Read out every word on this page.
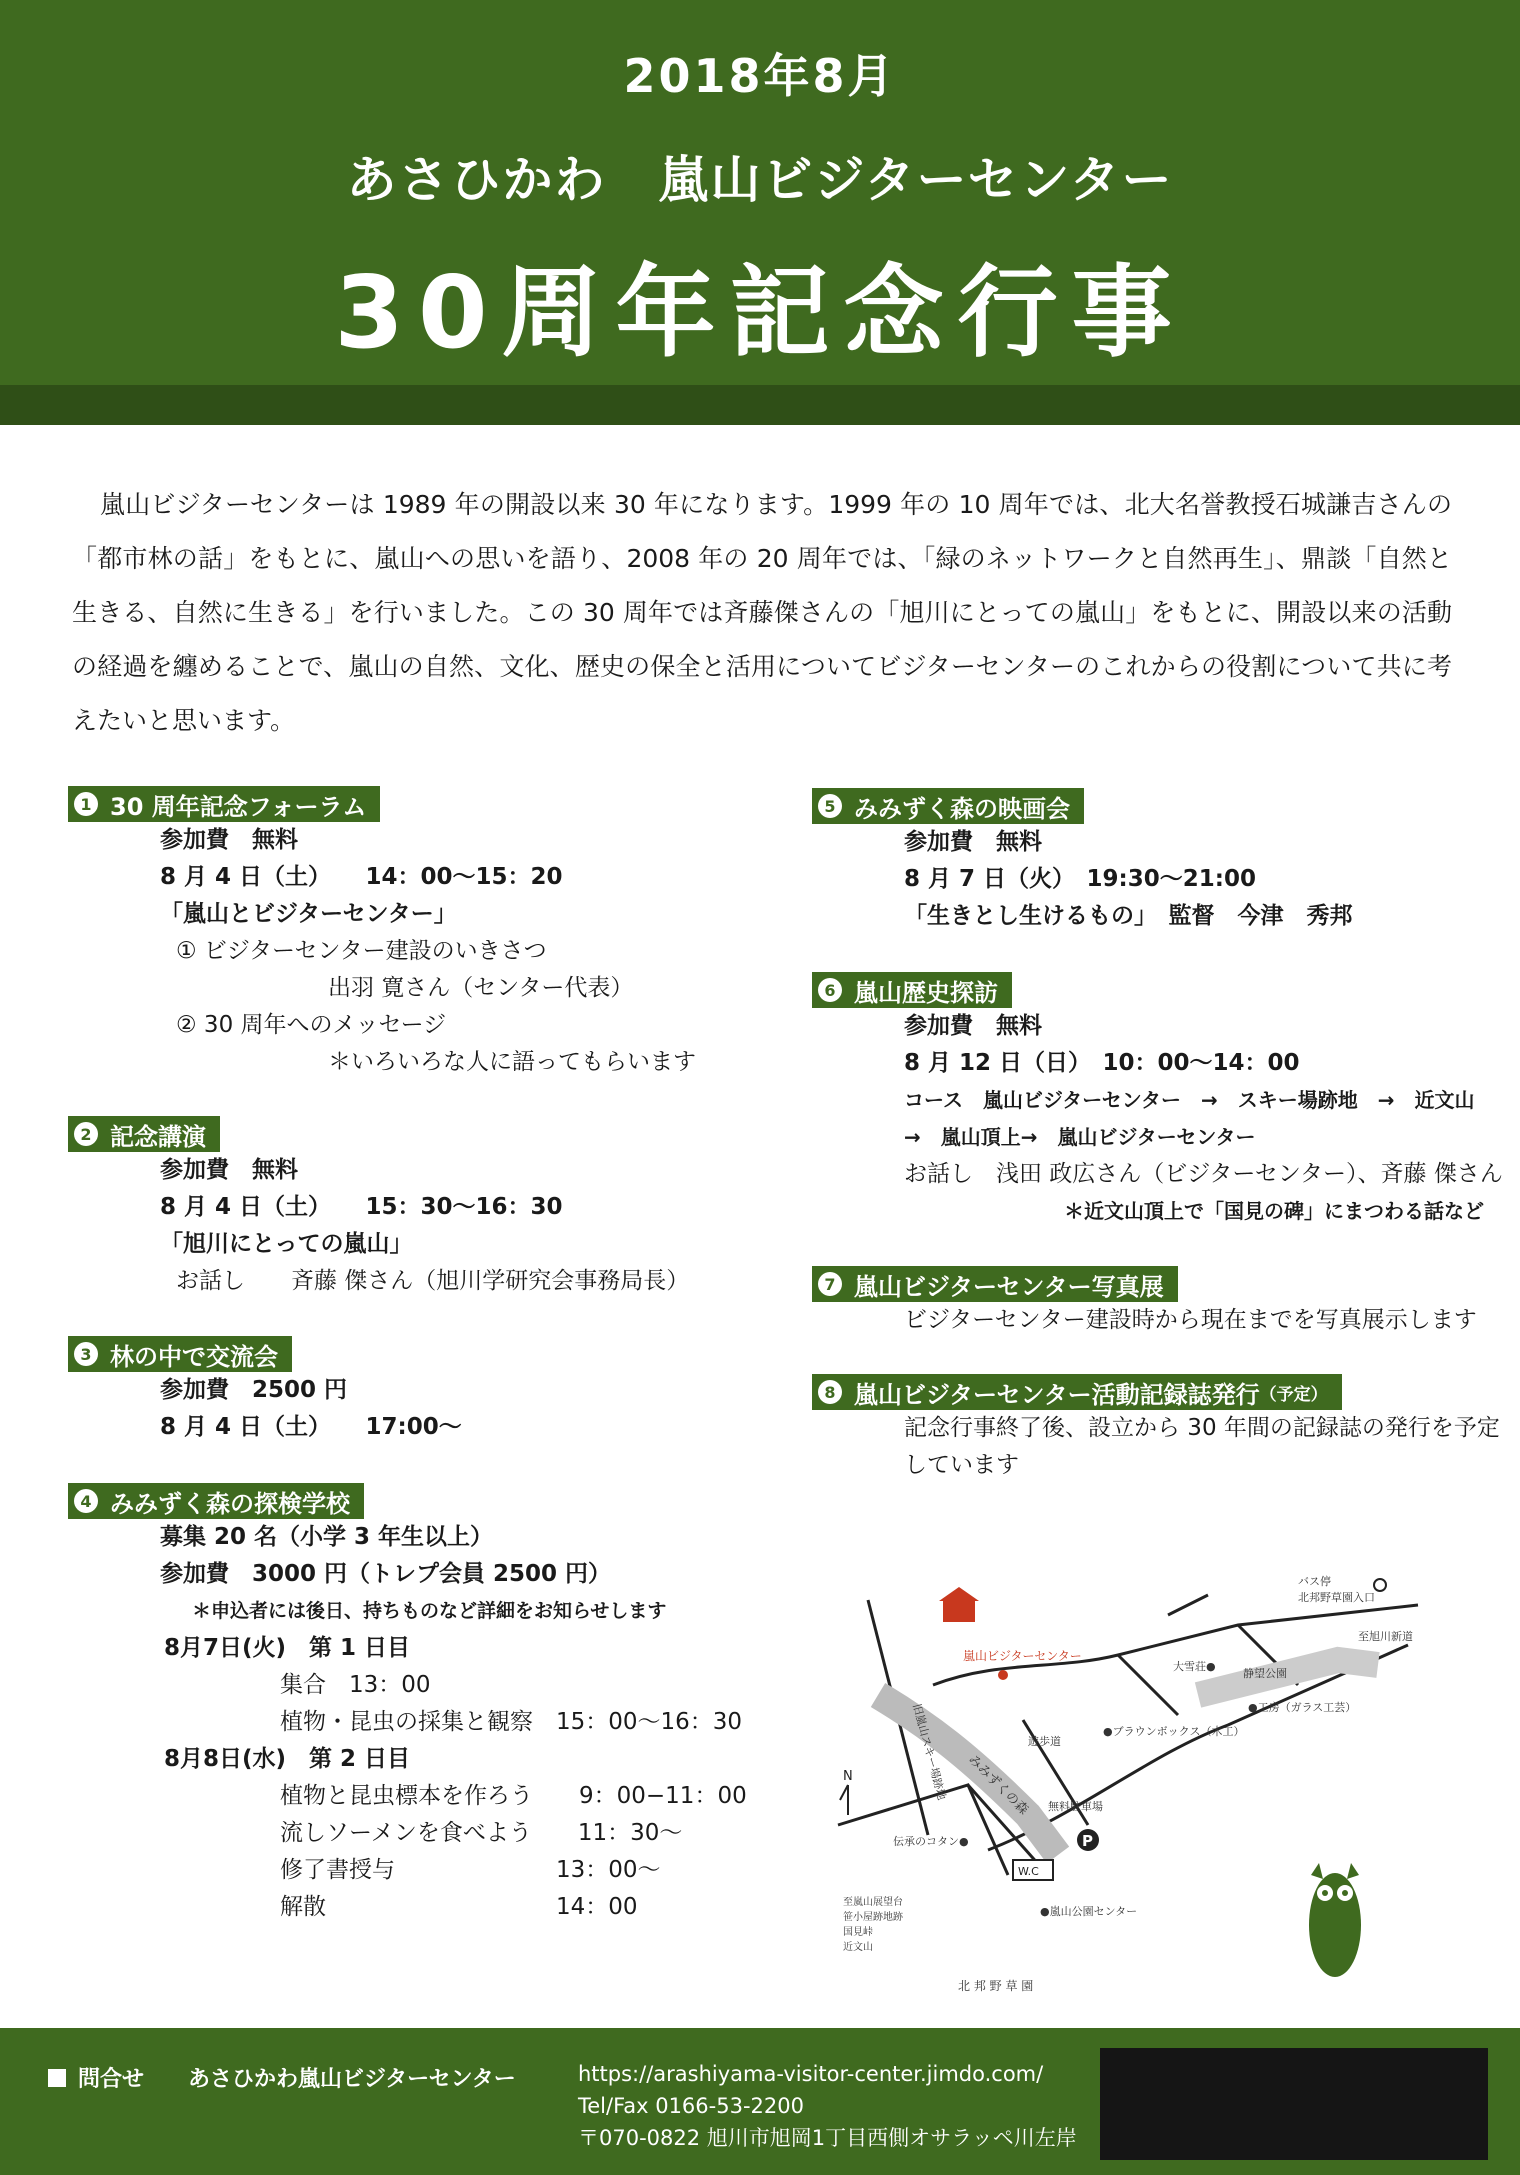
2018年8月
あさひかわ　嵐山ビジターセンター
30周年記念行事

嵐山ビジターセンターは 1989 年の開設以来 30 年になります。1999 年の 10 周年では、北大名誉教授石城謙吉さんの「都市林の話」をもとに、嵐山への思いを語り、2008 年の 20 周年では、「緑のネットワークと自然再生」、鼎談「自然と生きる、自然に生きる」を行いました。この 30 周年では斉藤傑さんの「旭川にとっての嵐山」をもとに、開設以来の活動の経過を纏めることで、嵐山の自然、文化、歴史の保全と活用についてビジターセンターのこれからの役割について共に考えたいと思います。

1 30 周年記念フォーラム
参加費　無料
8 月 4 日（土）　　14：00〜15：20
「嵐山とビジターセンター」
① ビジターセンター建設のいきさつ
出羽 寛さん（センター代表）
② 30 周年へのメッセージ
＊いろいろな人に語ってもらいます
2 記念講演
参加費　無料
8 月 4 日（土）　　15：30〜16：30
「旭川にとっての嵐山」
お話し　　斉藤 傑さん（旭川学研究会事務局長）
3 林の中で交流会
参加費　2500 円
8 月 4 日（土）　　17:00〜
4 みみずく森の探検学校
募集 20 名（小学 3 年生以上）
参加費　3000 円（トレプ会員 2500 円）
＊申込者には後日、持ちものなど詳細をお知らせします
8月7日(火)　第 1 日目
集合　13：00
植物・昆虫の採集と観察　15：00〜16：30
8月8日(水)　第 2 日目
植物と昆虫標本を作ろう　　9：00−11：00
流しソーメンを食べよう　　11：30〜
修了書授与　　　　　　　13：00〜
解散　　　　　　　　　　14：00
5 みみずく森の映画会
参加費　無料
8 月 7 日（火）　19:30〜21:00
「生きとし生けるもの」　監督　今津　秀邦
6 嵐山歴史探訪
参加費　無料
8 月 12 日（日）　10：00〜14：00
コース　嵐山ビジターセンター　→　スキー場跡地　→　近文山
→　嵐山頂上→　嵐山ビジターセンター
お話し　浅田 政広さん（ビジターセンター）、斉藤 傑さん
＊近文山頂上で「国見の碑」にまつわる話など
7 嵐山ビジターセンター写真展
ビジターセンター建設時から現在までを写真展示します
8 嵐山ビジターセンター活動記録誌発行 （予定）
記念行事終了後、設立から 30 年間の記録誌の発行を予定
しています
嵐山ビジターセンター
旧嵐山スキー場跡地 みみずくの森
遊歩道
●ブラウンボックス（木工）
●工房（ガラス工芸）
大雪荘●
静望公園
バス停
北邦野草園入口
至旭川新道
無料駐車場
P
伝承のコタン●
W.C
●嵐山公園センター
至嵐山展望台
笹小屋跡地跡
国見峠
近文山
N
北 邦 野 草 園
問合せ あさひかわ嵐山ビジターセンター	https://arashiyama-visitor-center.jimdo.com/
Tel/Fax 0166-53-2200
〒070-0822 旭川市旭岡1丁目西側オサラッペ川左岸
